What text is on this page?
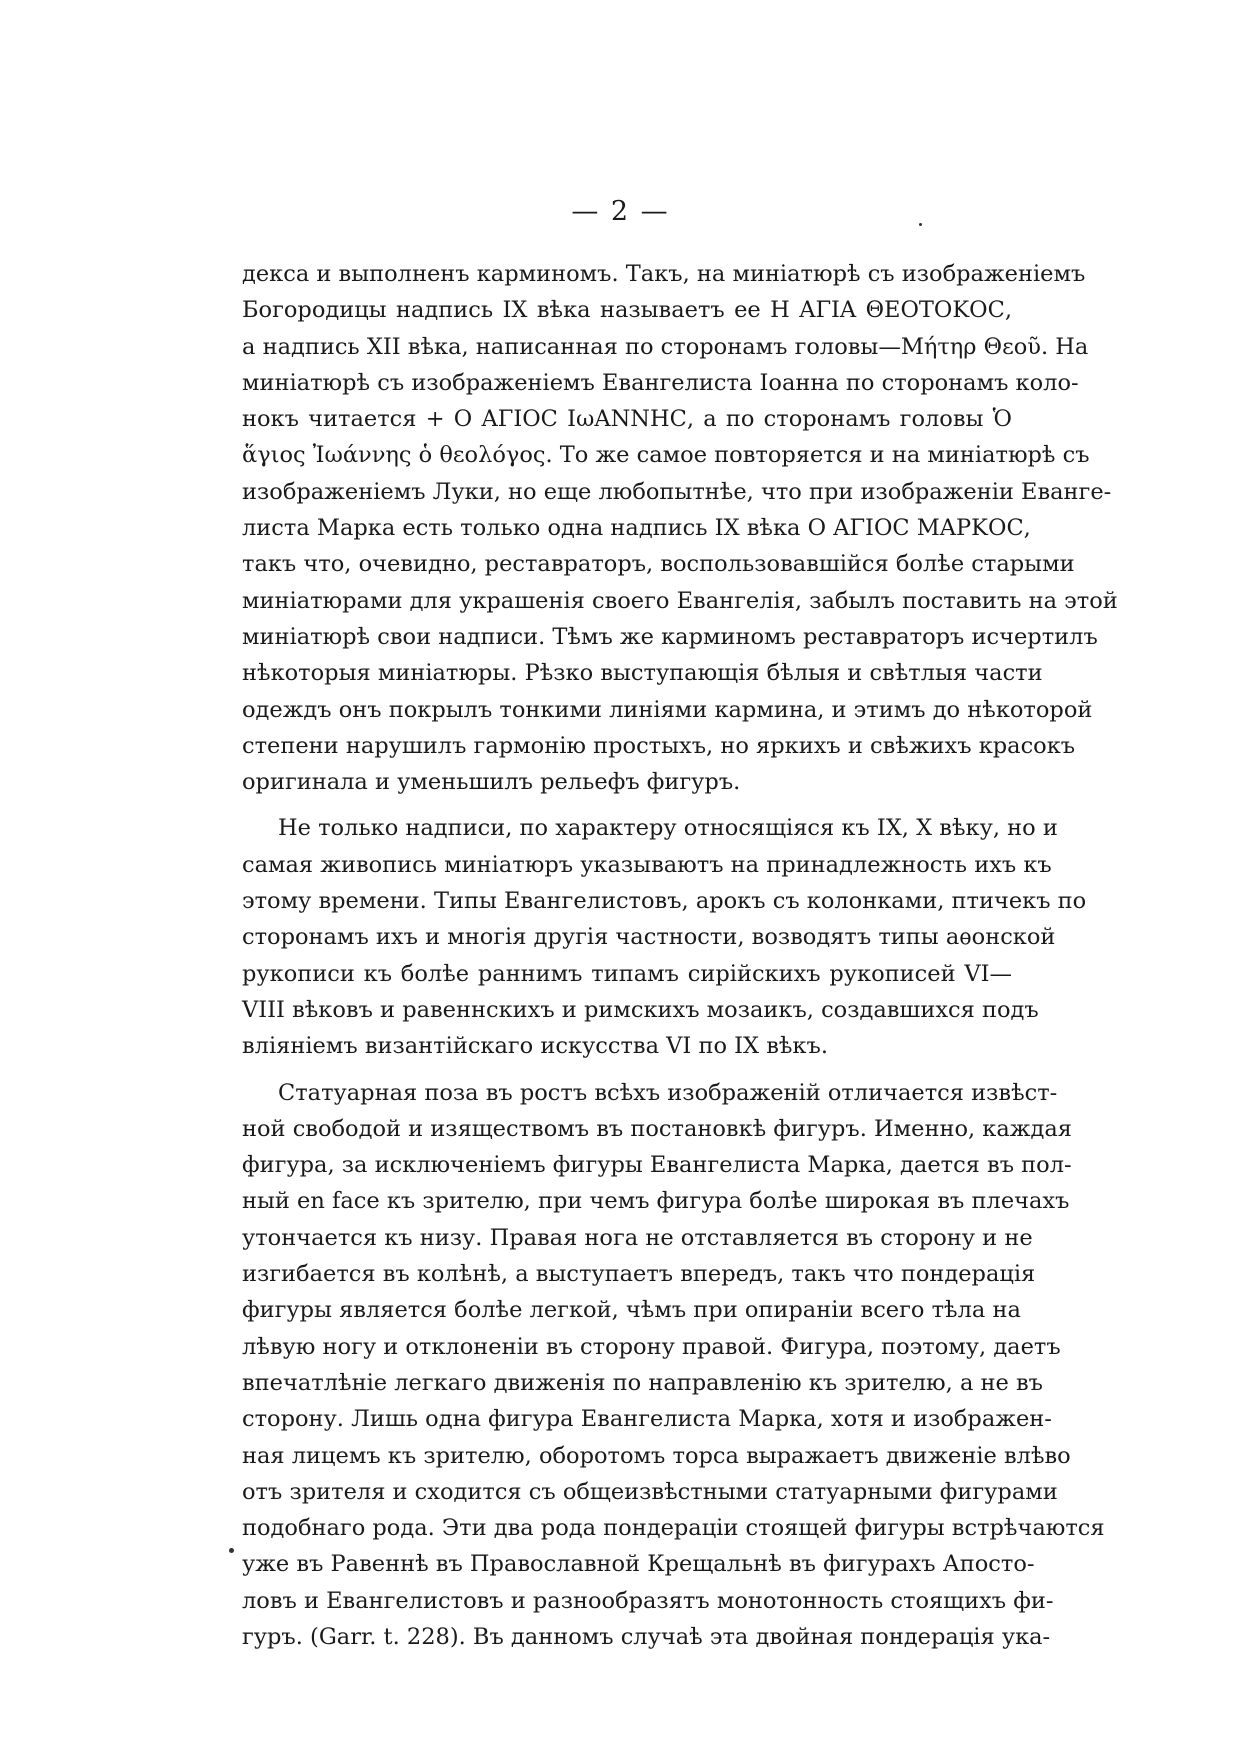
— 2 —

декса и выполненъ карминомъ. Такъ, на миніатюрѣ съ изображеніемъ
Богородицы надпись IX вѣка называетъ ее Η ΑΓΙΑ ΘΕΟΤΟΚΟϹ,
а надпись XII вѣка, написанная по сторонамъ головы—Μήτηρ Θεοῦ. На
миніатюрѣ съ изображеніемъ Евангелиста Іоанна по сторонамъ коло-
нокъ читается + Ο ΑΓΙΟϹ ΙωΑΝΝΗϹ, а по сторонамъ головы Ὁ
ἅγιος Ἰωάννης ὁ θεολόγος. То же самое повторяется и на миніатюрѣ съ
изображеніемъ Луки, но еще любопытнѣе, что при изображеніи Еванге-
листа Марка есть только одна надпись IX вѣка Ο ΑΓΙΟϹ ΜΑΡΚΟϹ,
такъ что, очевидно, реставраторъ, воспользовавшійся болѣе старыми
миніатюрами для украшенія своего Евангелія, забылъ поставить на этой
миніатюрѣ свои надписи. Тѣмъ же карминомъ реставраторъ исчертилъ
нѣкоторыя миніатюры. Рѣзко выступающія бѣлыя и свѣтлыя части
одеждъ онъ покрылъ тонкими линіями кармина, и этимъ до нѣкоторой
степени нарушилъ гармонію простыхъ, но яркихъ и свѣжихъ красокъ
оригинала и уменьшилъ рельефъ фигуръ.

Не только надписи, по характеру относящіяся къ IX, X вѣку, но и
самая живопись миніатюръ указываютъ на принадлежность ихъ къ
этому времени. Типы Евангелистовъ, арокъ съ колонками, птичекъ по
сторонамъ ихъ и многія другія частности, возводятъ типы аѳонской
рукописи къ болѣе раннимъ типамъ сирійскихъ рукописей VI—
VIII вѣковъ и равеннскихъ и римскихъ мозаикъ, создавшихся подъ
вліяніемъ византійскаго искусства VI по IX вѣкъ.

Статуарная поза въ ростъ всѣхъ изображеній отличается извѣст-
ной свободой и изяществомъ въ постановкѣ фигуръ. Именно, каждая
фигура, за исключеніемъ фигуры Евангелиста Марка, дается въ пол-
ный en face къ зрителю, при чемъ фигура болѣе широкая въ плечахъ
утончается къ низу. Правая нога не отставляется въ сторону и не
изгибается въ колѣнѣ, а выступаетъ впередъ, такъ что пондерація
фигуры является болѣе легкой, чѣмъ при опираніи всего тѣла на
лѣвую ногу и отклоненіи въ сторону правой. Фигура, поэтому, даетъ
впечатлѣніе легкаго движенія по направленію къ зрителю, а не въ
сторону. Лишь одна фигура Евангелиста Марка, хотя и изображен-
ная лицемъ къ зрителю, оборотомъ торса выражаетъ движеніе влѣво
отъ зрителя и сходится съ общеизвѣстными статуарными фигурами
подобнаго рода. Эти два рода пондераціи стоящей фигуры встрѣчаются
уже въ Равеннѣ въ Православной Крещальнѣ въ фигурахъ Апосто-
ловъ и Евангелистовъ и разнообразятъ монотонность стоящихъ фи-
гуръ. (Garr. t. 228). Въ данномъ случаѣ эта двойная пондерація ука-
